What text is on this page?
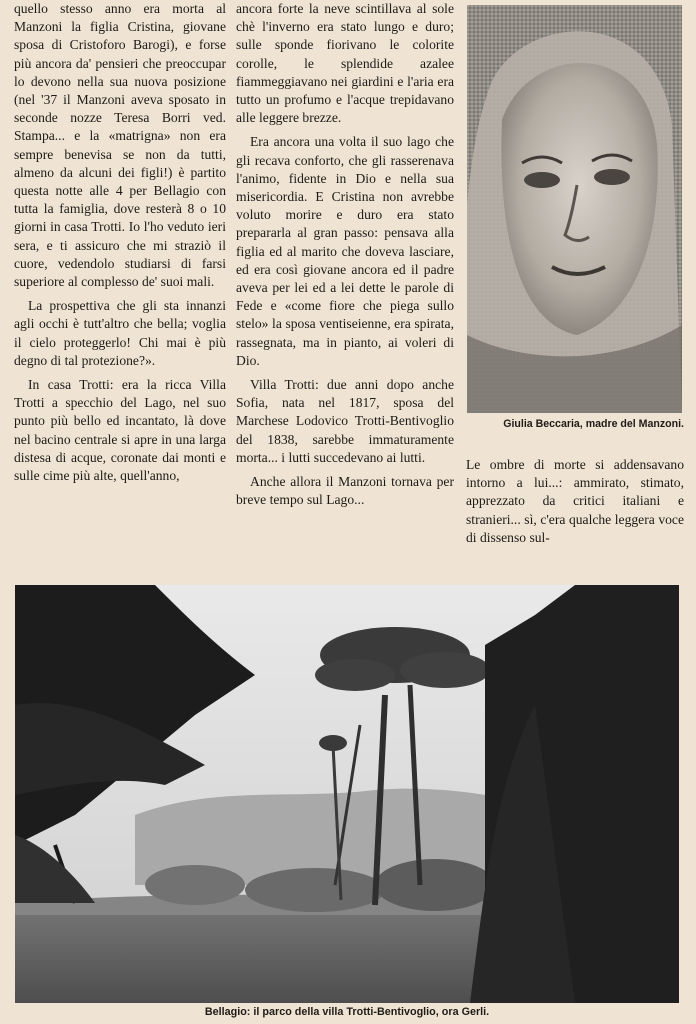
quello stesso anno era morta al Manzoni la figlia Cristina, giovane sposa di Cristoforo Barogi), e forse più ancora da' pensieri che preoccupar lo devono nella sua nuova posizione (nel '37 il Manzoni aveva sposato in seconde nozze Teresa Borri ved. Stampa... e la «matrigna» non era sempre benevisa se non da tutti, almeno da alcuni dei figli!) è partito questa notte alle 4 per Bellagio con tutta la famiglia, dove resterà 8 o 10 giorni in casa Trotti. Io l'ho veduto ieri sera, e ti assicuro che mi straziò il cuore, vedendolo studiarsi di farsi superiore al complesso de' suoi mali.

La prospettiva che gli sta innanzi agli occhi è tutt'altro che bella; voglia il cielo proteggerlo! Chi mai è più degno di tal protezione?».

In casa Trotti: era la ricca Villa Trotti a specchio del Lago, nel suo punto più bello ed incantato, là dove nel bacino centrale si apre in una larga distesa di acque, coronate dai monti e sulle cime più alte, quell'anno,

ancora forte la neve scintillava al sole chè l'inverno era stato lungo e duro; sulle sponde fiorivano le colorite corolle, le splendide azalee fiammeggiavano nei giardini e l'aria era tutto un profumo e l'acque trepidavano alle leggere brezze.

Era ancora una volta il suo lago che gli recava conforto, che gli rasserenava l'animo, fidente in Dio e nella sua misericordia. E Cristina non avrebbe voluto morire e duro era stato prepararla al gran passo: pensava alla figlia ed al marito che doveva lasciare, ed era così giovane ancora ed il padre aveva per lei ed a lei dette le parole di Fede e «come fiore che piega sullo stelo» la sposa ventiseienne, era spirata, rassegnata, ma in pianto, ai voleri di Dio.

Villa Trotti: due anni dopo anche Sofia, nata nel 1817, sposa del Marchese Lodovico Trotti-Bentivoglio del 1838, sarebbe immaturamente morta... i lutti succedevano ai lutti.

Anche allora il Manzoni tornava per breve tempo sul Lago...

Giulia Beccaria, madre del Manzoni.

Le ombre di morte si addensavano intorno a lui...: ammirato, stimato, apprezzato da critici italiani e stranieri... sì, c'era qualche leggera voce di dissenso sul-

Bellagio: il parco della villa Trotti-Bentivoglio, ora Gerli.
